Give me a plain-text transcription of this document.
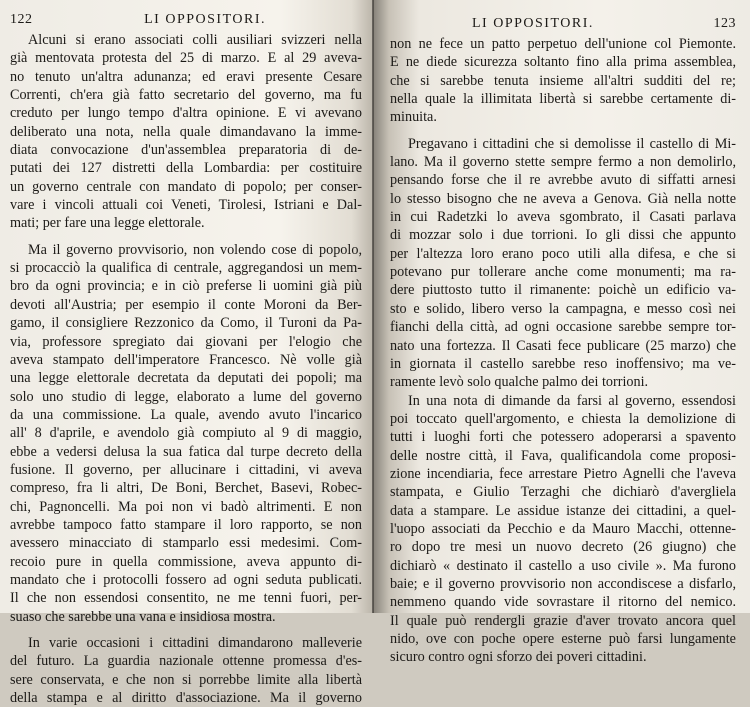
122	LI OPPOSITORI.
Alcuni si erano associati colli ausiliari svizzeri nella
già mentovata protesta del 25 di marzo. E al 29 aveva-
no tenuto un'altra adunanza; ed eravi presente Cesare
Correnti, ch'era già fatto secretario del governo, ma fu
creduto per lungo tempo d'altra opinione. E vi avevano
deliberato una nota, nella quale dimandavano la imme-
diata convocazione d'un'assemblea preparatoria di de-
putati dei 127 distretti della Lombardia: per costituire
un governo centrale con mandato di popolo; per conser-
vare i vincoli attuali coi Veneti, Tirolesi, Istriani e Dal-
mati; per fare una legge elettorale.
Ma il governo provvisorio, non volendo cose di popolo,
si procacciò la qualifica di centrale, aggregandosi un mem-
bro da ogni provincia; e in ciò preferse li uomini già più
devoti all'Austria; per esempio il conte Moroni da Ber-
gamo, il consigliere Rezzonico da Como, il Turoni da Pa-
via, professore spregiato dai giovani per l'elogio che
aveva stampato dell'imperatore Francesco. Nè volle già
una legge elettorale decretata da deputati dei popoli; ma
solo uno studio di legge, elaborato a lume del governo
da una commissione. La quale, avendo avuto l'incarico
all' 8 d'aprile, e avendolo già compiuto al 9 di maggio,
ebbe a vedersi delusa la sua fatica dal turpe decreto della
fusione. Il governo, per allucinare i cittadini, vi aveva
compreso, fra li altri, De Boni, Berchet, Basevi, Robec-
chi, Pagnoncelli. Ma poi non vi badò altrimenti. E non
avrebbe tampoco fatto stampare il loro rapporto, se non
avessero minacciato di stamparlo essi medesimi. Com-
recoio pure in quella commissione, aveva appunto di-
mandato che i protocolli fossero ad ogni seduta publicati.
Il che non essendosi consentito, ne me tenni fuori, per-
suaso che sarebbe una vana e insidiosa mostra.
In varie occasioni i cittadini dimandarono malleverie
del futuro. La guardia nazionale ottenne promessa d'es-
sere conservata, e che non si porrebbe limite alla libertà
della stampa e al diritto d'associazione. Ma il governo
LI OPPOSITORI.	123
non ne fece un patto perpetuo dell'unione col Piemonte.
E ne diede sicurezza soltanto fino alla prima assemblea,
che si sarebbe tenuta insieme all'altri sudditi del re;
nella quale la illimitata libertà si sarebbe certamente di-
minuita.
Pregavano i cittadini che si demolisse il castello di Mi-
lano. Ma il governo stette sempre fermo a non demolirlo,
pensando forse che il re avrebbe avuto di siffatti arnesi
lo stesso bisogno che ne aveva a Genova. Già nella notte
in cui Radetzki lo aveva sgombrato, il Casati parlava
di mozzar solo i due torrioni. Io gli dissi che appunto
per l'altezza loro erano poco utili alla difesa, e che si
potevano pur tollerare anche come monumenti; ma ra-
dere piuttosto tutto il rimanente: poichè un edificio va-
sto e solido, libero verso la campagna, e messo così nei
fianchi della città, ad ogni occasione sarebbe sempre tor-
nato una fortezza. Il Casati fece publicare (25 marzo) che
in giornata il castello sarebbe reso inoffensivo; ma ve-
ramente levò solo qualche palmo dei torrioni.
In una nota di dimande da farsi al governo, essendosi
poi toccato quell'argomento, e chiesta la demolizione di
tutti i luoghi forti che potessero adoperarsi a spavento
delle nostre città, il Fava, qualificandola come proposi-
zione incendiaria, fece arrestare Pietro Agnelli che l'aveva
stampata, e Giulio Terzaghi che dichiarò d'avergliela
data a stampare. Le assidue istanze dei cittadini, a quel-
l'uopo associati da Pecchio e da Mauro Macchi, ottenne-
ro dopo tre mesi un nuovo decreto (26 giugno) che
dichiarò « destinato il castello a uso civile ». Ma furono
baie; e il governo provvisorio non accondiscese a disfarlo,
nemmeno quando vide sovrastare il ritorno del nemico.
Il quale può rendergli grazie d'aver trovato ancora quel
nido, ove con poche opere esterne può farsi lungamente
sicuro contro ogni sforzo dei poveri cittadini.
